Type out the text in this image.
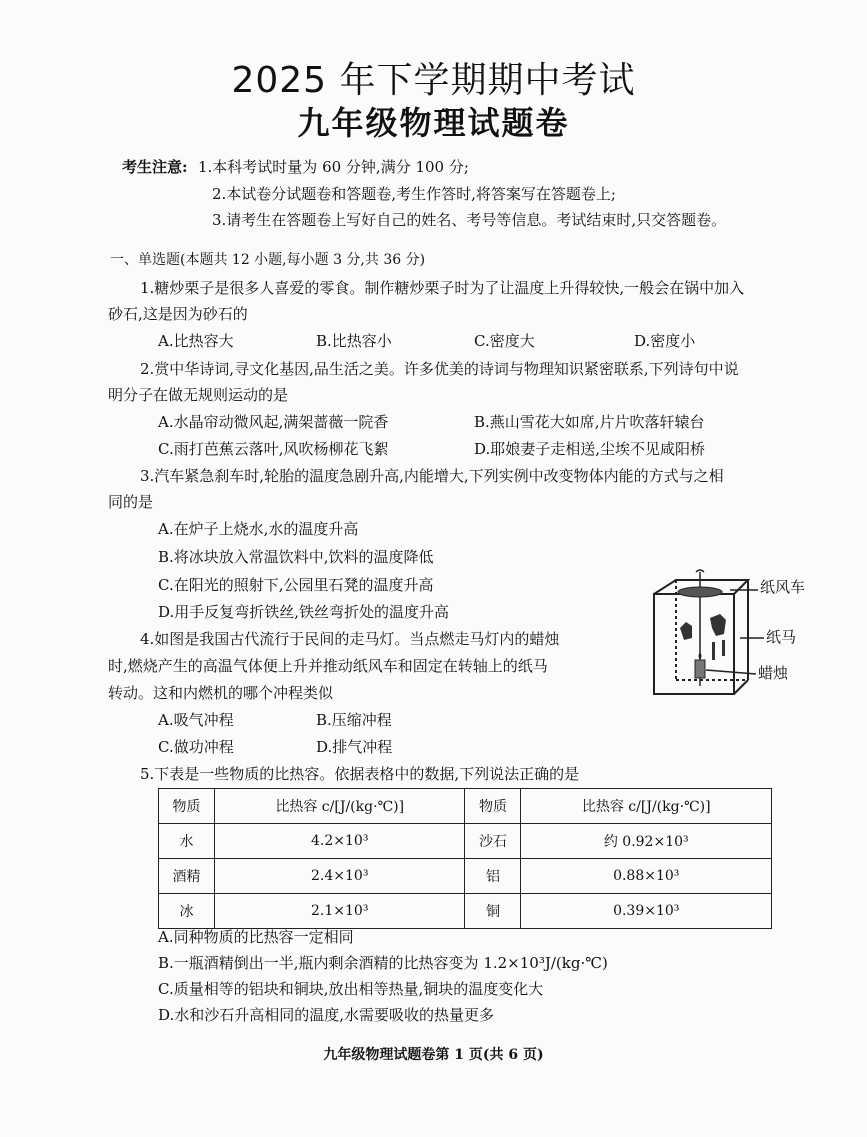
2025 年下学期期中考试
九年级物理试题卷
考生注意: 1.本科考试时量为 60 分钟,满分 100 分;
2.本试卷分试题卷和答题卷,考生作答时,将答案写在答题卷上;
3.请考生在答题卷上写好自己的姓名、考号等信息。考试结束时,只交答题卷。
一、单选题(本题共 12 小题,每小题 3 分,共 36 分)
1.糖炒栗子是很多人喜爱的零食。制作糖炒栗子时为了让温度上升得较快,一般会在锅中加入
砂石,这是因为砂石的
A.比热容大	B.比热容小	C.密度大	D.密度小
2.赏中华诗词,寻文化基因,品生活之美。许多优美的诗词与物理知识紧密联系,下列诗句中说
明分子在做无规则运动的是
A.水晶帘动微风起,满架蔷薇一院香	B.燕山雪花大如席,片片吹落轩辕台
C.雨打芭蕉云落叶,风吹杨柳花飞絮	D.耶娘妻子走相送,尘埃不见咸阳桥
3.汽车紧急刹车时,轮胎的温度急剧升高,内能增大,下列实例中改变物体内能的方式与之相
同的是
A.在炉子上烧水,水的温度升高
B.将冰块放入常温饮料中,饮料的温度降低
C.在阳光的照射下,公园里石凳的温度升高
D.用手反复弯折铁丝,铁丝弯折处的温度升高
4.如图是我国古代流行于民间的走马灯。当点燃走马灯内的蜡烛
时,燃烧产生的高温气体便上升并推动纸风车和固定在转轴上的纸马
转动。这和内燃机的哪个冲程类似
A.吸气冲程	B.压缩冲程
C.做功冲程	D.排气冲程
纸风车
纸马
蜡烛
5.下表是一些物质的比热容。依据表格中的数据,下列说法正确的是
物质	比热容 c/[J/(kg·℃)]	物质	比热容 c/[J/(kg·℃)]
水	4.2×10³	沙石	约 0.92×10³
酒精	2.4×10³	铝	0.88×10³
冰	2.1×10³	铜	0.39×10³
A.同种物质的比热容一定相同
B.一瓶酒精倒出一半,瓶内剩余酒精的比热容变为 1.2×10³J/(kg·℃)
C.质量相等的铝块和铜块,放出相等热量,铜块的温度变化大
D.水和沙石升高相同的温度,水需要吸收的热量更多
九年级物理试题卷第 1 页(共 6 页)
